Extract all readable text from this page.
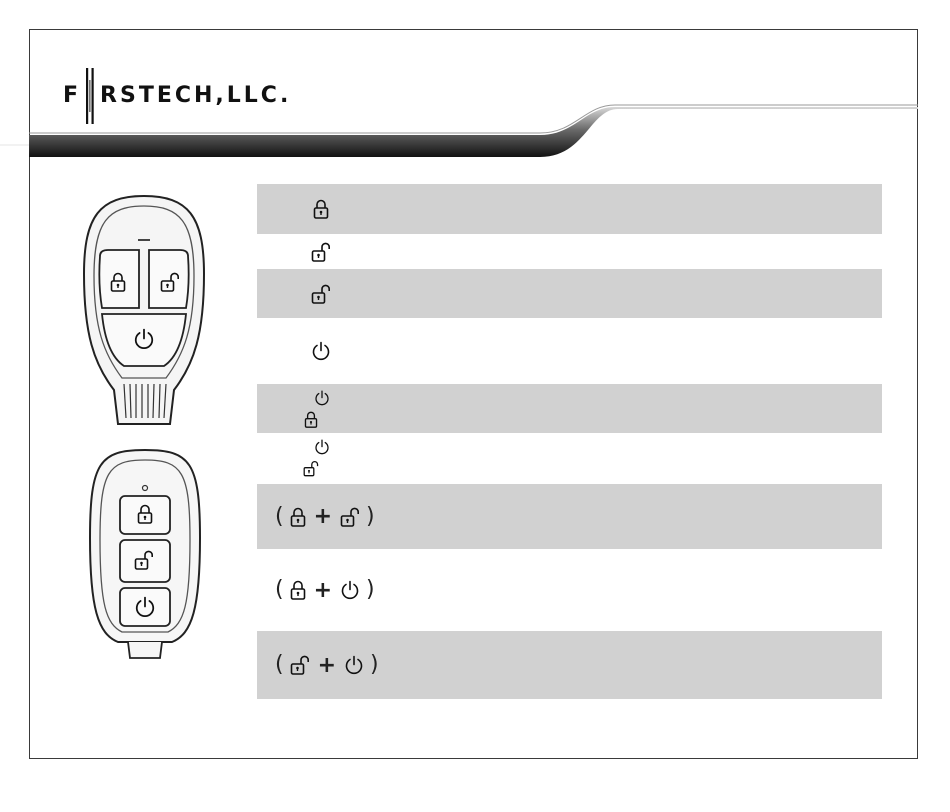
F RSTECH,LLC.
( + )
( + )
( + )
